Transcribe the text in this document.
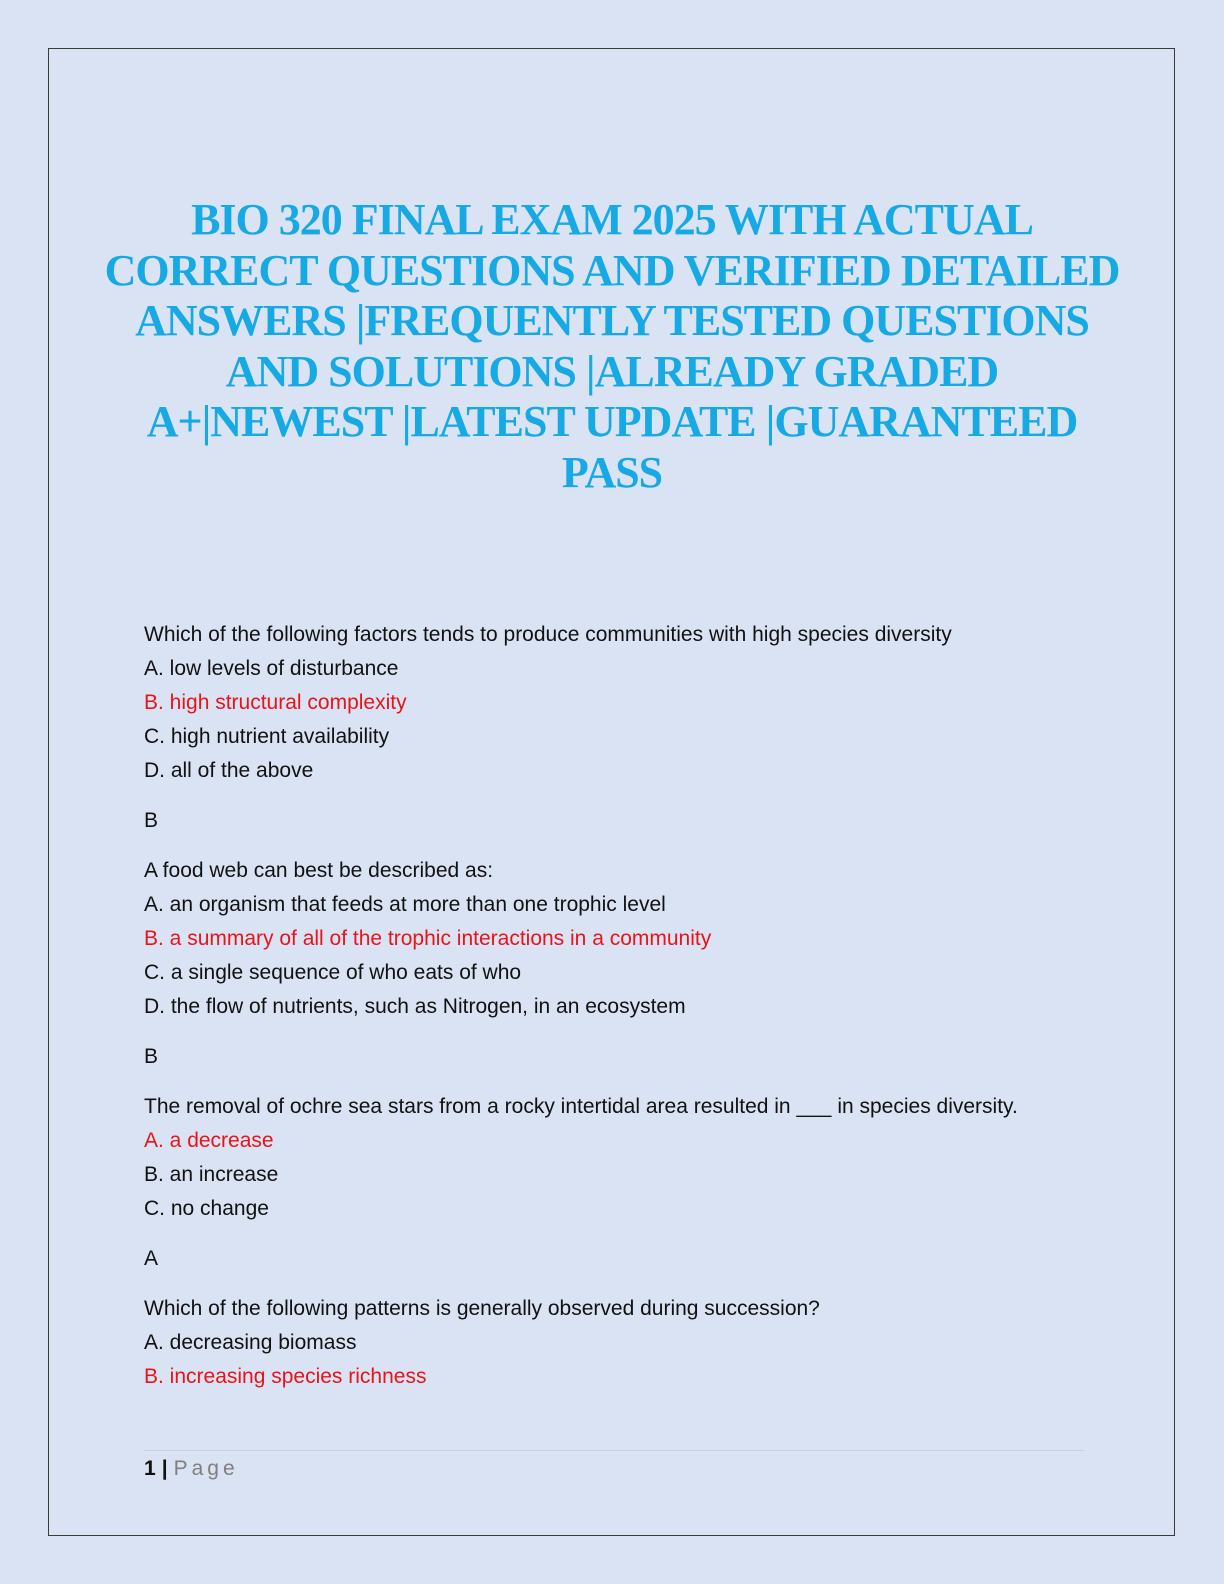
BIO 320 FINAL EXAM 2025 WITH ACTUAL CORRECT QUESTIONS AND VERIFIED DETAILED ANSWERS |FREQUENTLY TESTED QUESTIONS AND SOLUTIONS |ALREADY GRADED A+|NEWEST |LATEST UPDATE |GUARANTEED PASS
Which of the following factors tends to produce communities with high species diversity
A. low levels of disturbance
B. high structural complexity
C. high nutrient availability
D. all of the above
B
A food web can best be described as:
A. an organism that feeds at more than one trophic level
B. a summary of all of the trophic interactions in a community
C. a single sequence of who eats of who
D. the flow of nutrients, such as Nitrogen, in an ecosystem
B
The removal of ochre sea stars from a rocky intertidal area resulted in ___ in species diversity.
A. a decrease
B. an increase
C. no change
A
Which of the following patterns is generally observed during succession?
A. decreasing biomass
B. increasing species richness
1 | Page
